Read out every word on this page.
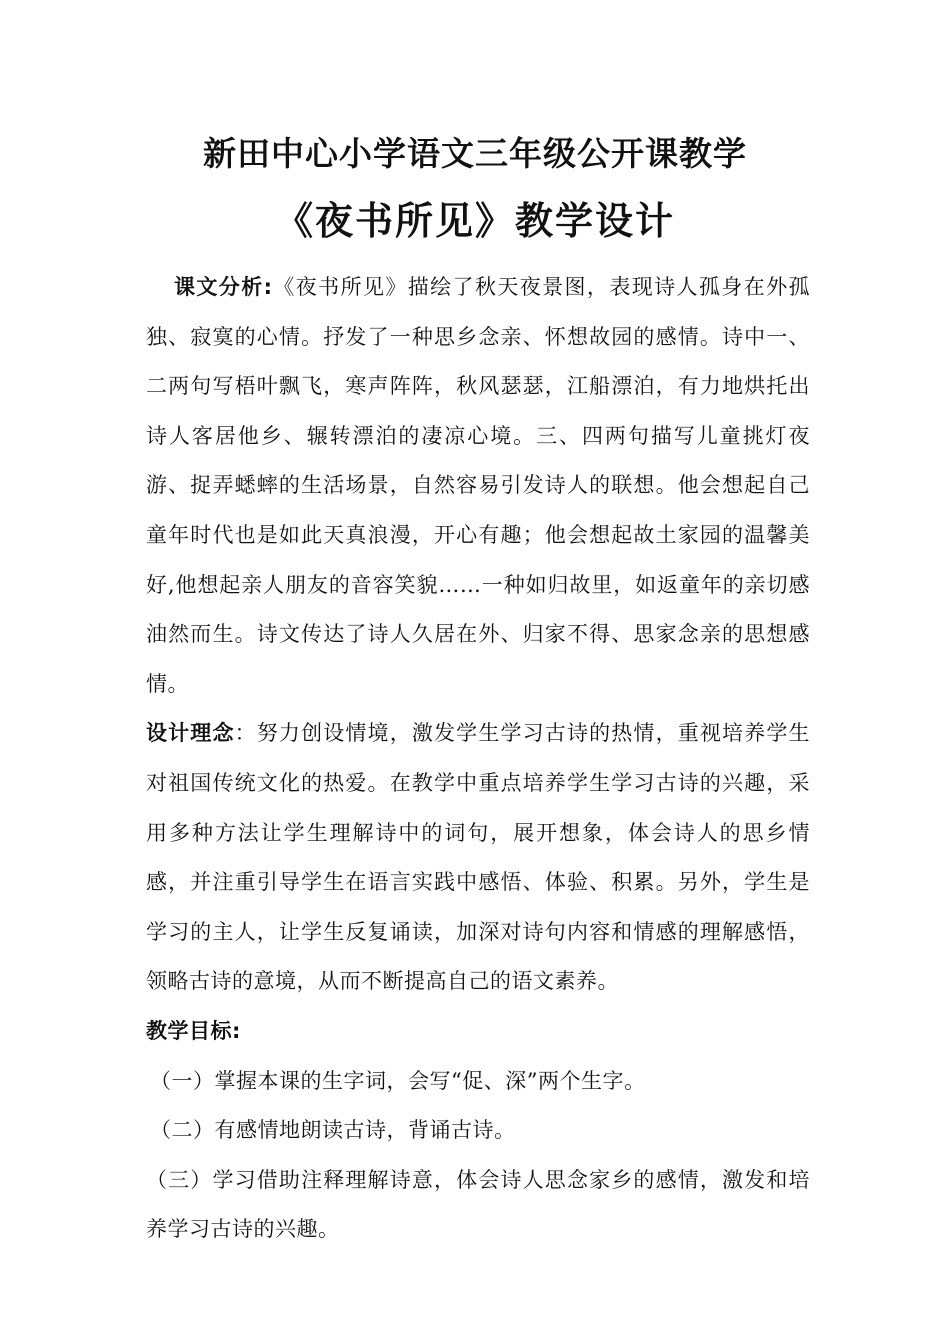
新田中心小学语文三年级公开课教学
《夜书所见》教学设计

课文分析:《夜书所见》描绘了秋天夜景图，表现诗人孤身在外孤独、寂寞的心情。抒发了一种思乡念亲、怀想故园的感情。诗中一、二两句写梧叶飘飞，寒声阵阵，秋风瑟瑟，江船漂泊，有力地烘托出诗人客居他乡、辗转漂泊的凄凉心境。三、四两句描写儿童挑灯夜游、捉弄蟋蟀的生活场景，自然容易引发诗人的联想。他会想起自己童年时代也是如此天真浪漫，开心有趣；他会想起故土家园的温馨美好,他想起亲人朋友的音容笑貌……一种如归故里，如返童年的亲切感油然而生。诗文传达了诗人久居在外、归家不得、思家念亲的思想感情。

设计理念：努力创设情境，激发学生学习古诗的热情，重视培养学生对祖国传统文化的热爱。在教学中重点培养学生学习古诗的兴趣，采用多种方法让学生理解诗中的词句，展开想象，体会诗人的思乡情感，并注重引导学生在语言实践中感悟、体验、积累。另外，学生是学习的主人，让学生反复诵读，加深对诗句内容和情感的理解感悟，领略古诗的意境，从而不断提高自己的语文素养。

教学目标:

（一）掌握本课的生字词，会写“促、深”两个生字。

（二）有感情地朗读古诗，背诵古诗。

（三）学习借助注释理解诗意，体会诗人思念家乡的感情，激发和培养学习古诗的兴趣。
